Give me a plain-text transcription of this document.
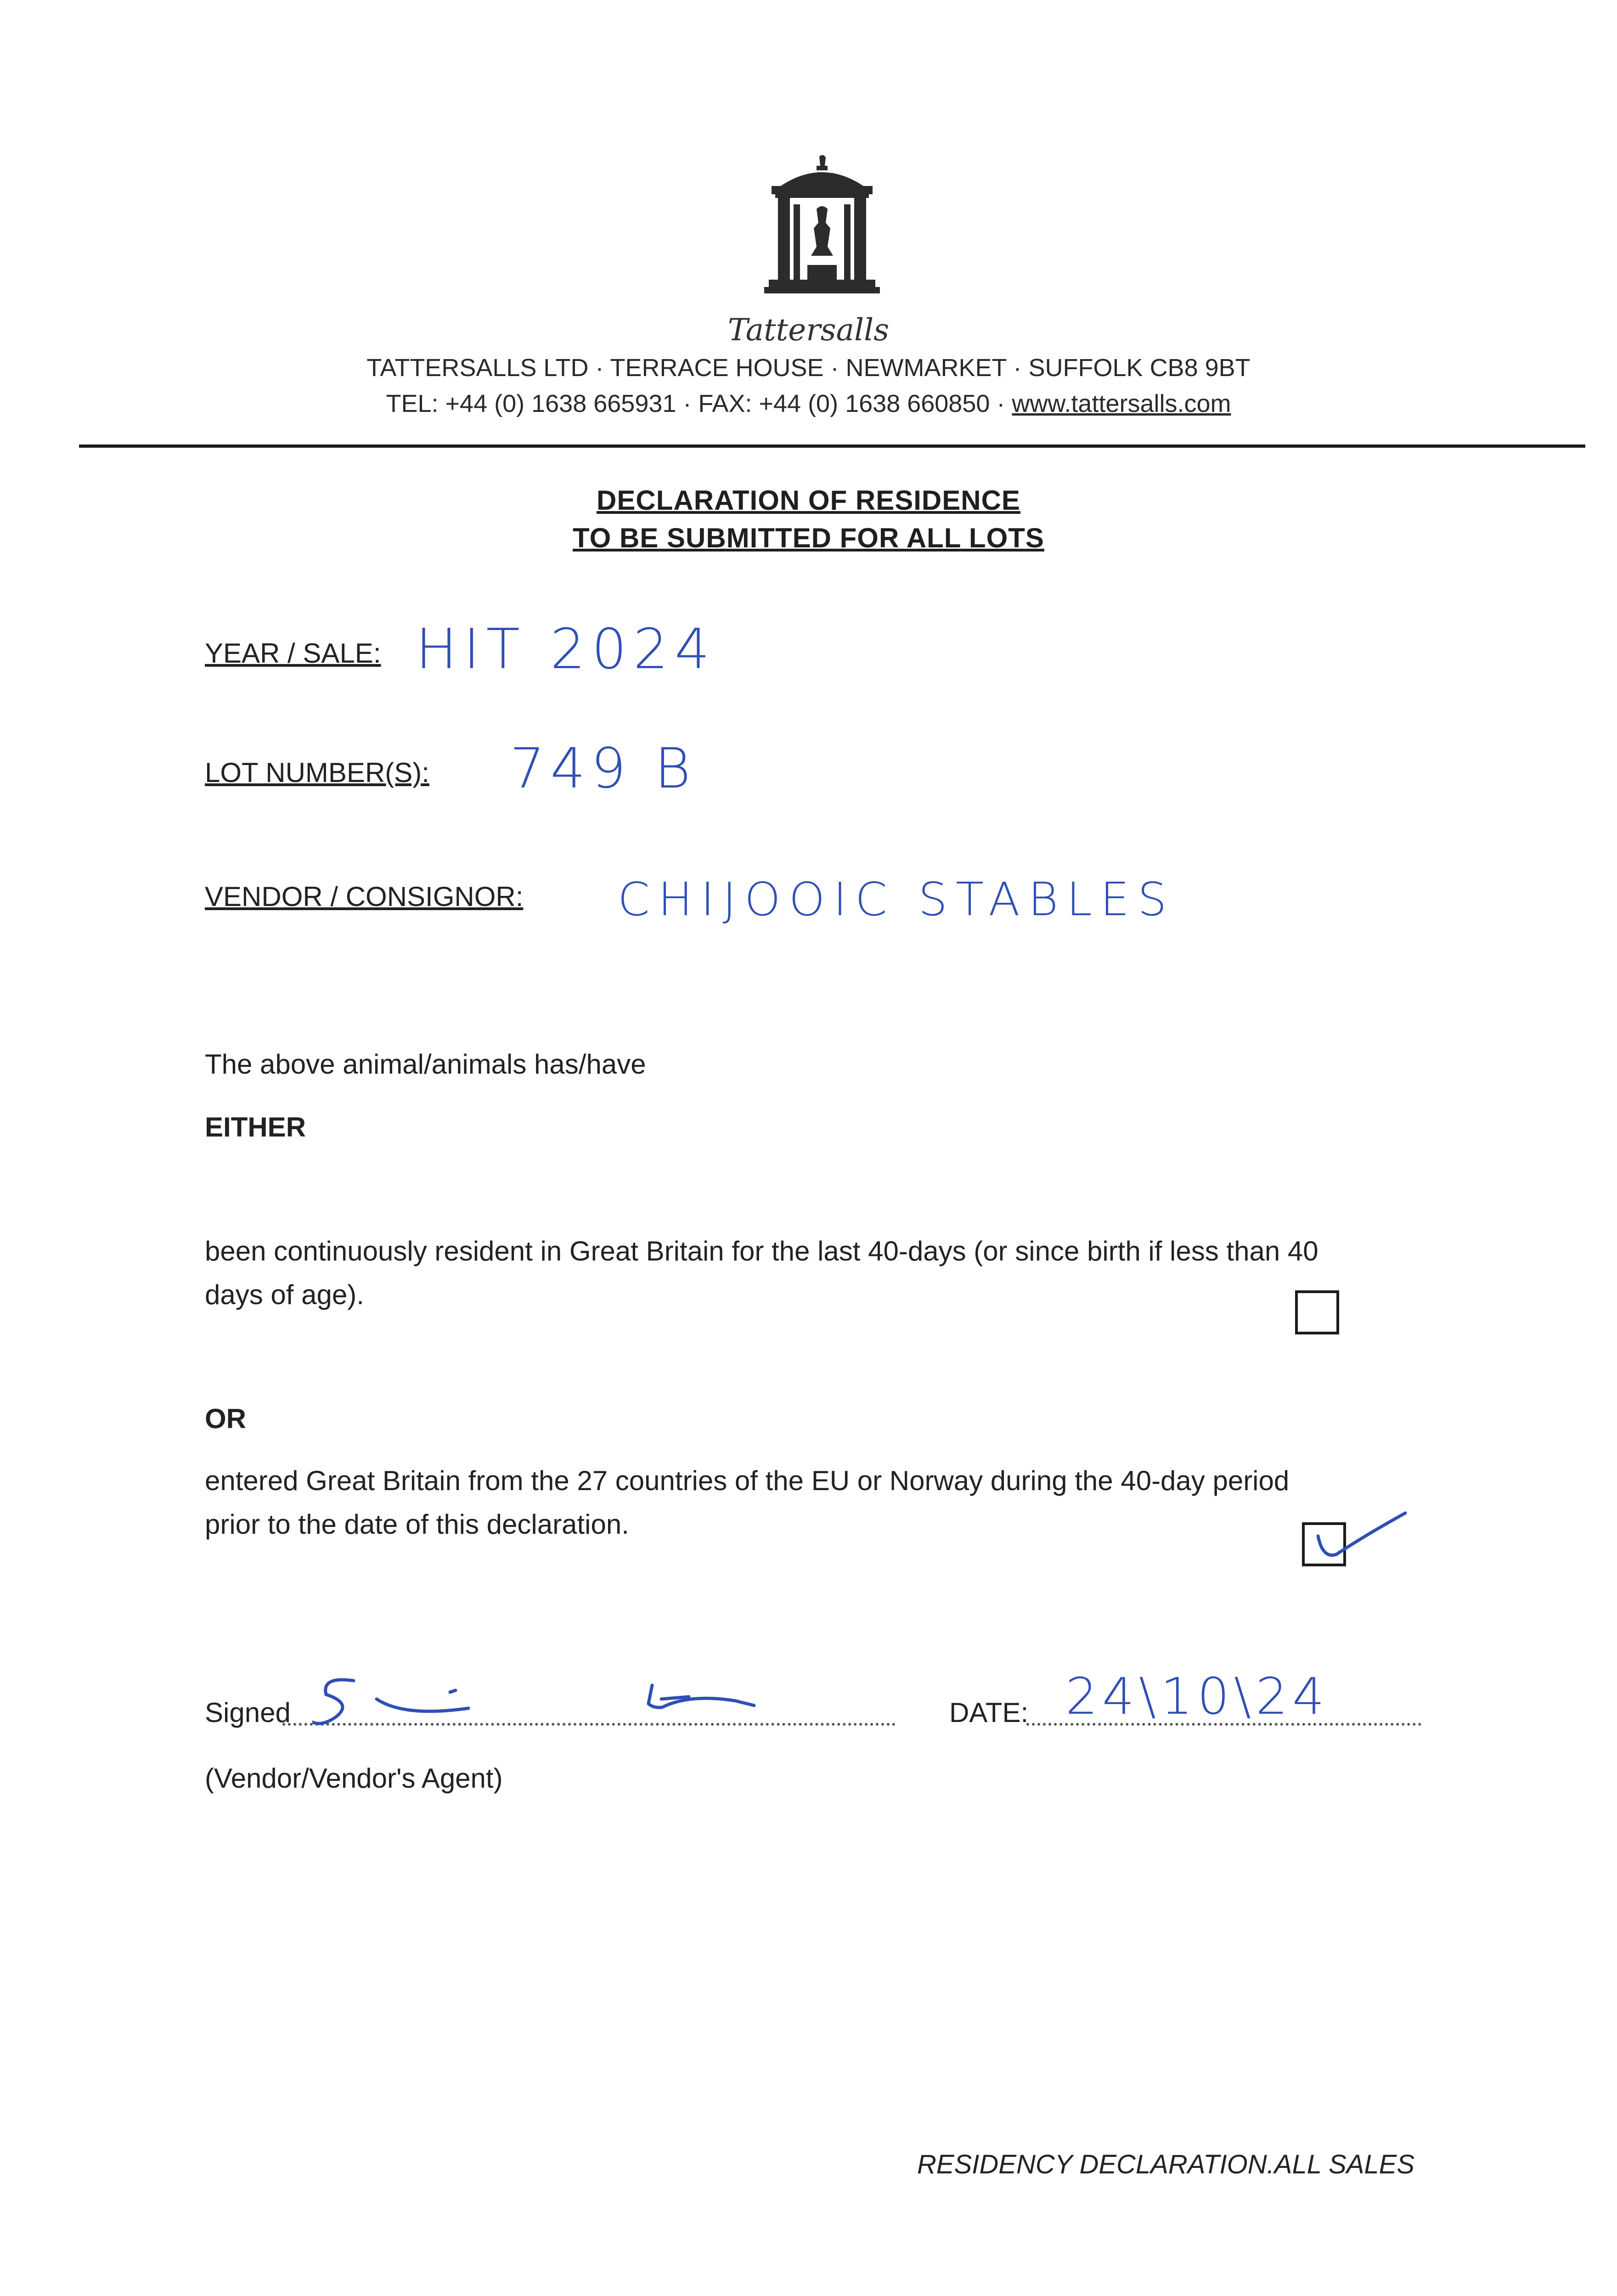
Tattersalls
TATTERSALLS LTD · TERRACE HOUSE · NEWMARKET · SUFFOLK CB8 9BT
TEL: +44 (0) 1638 665931 · FAX: +44 (0) 1638 660850 · www.tattersalls.com
DECLARATION OF RESIDENCE
TO BE SUBMITTED FOR ALL LOTS
YEAR / SALE: HIT 2024
LOT NUMBER(S): 749 B
VENDOR / CONSIGNOR: CHIJOOIC STABLES
The above animal/animals has/have
EITHER
been continuously resident in Great Britain for the last 40-days (or since birth if less than 40
days of age).
OR
entered Great Britain from the 27 countries of the EU or Norway during the 40-day period
prior to the date of this declaration.
Signed	DATE: 24\10\24
(Vendor/Vendor's Agent)
RESIDENCY DECLARATION.ALL SALES
